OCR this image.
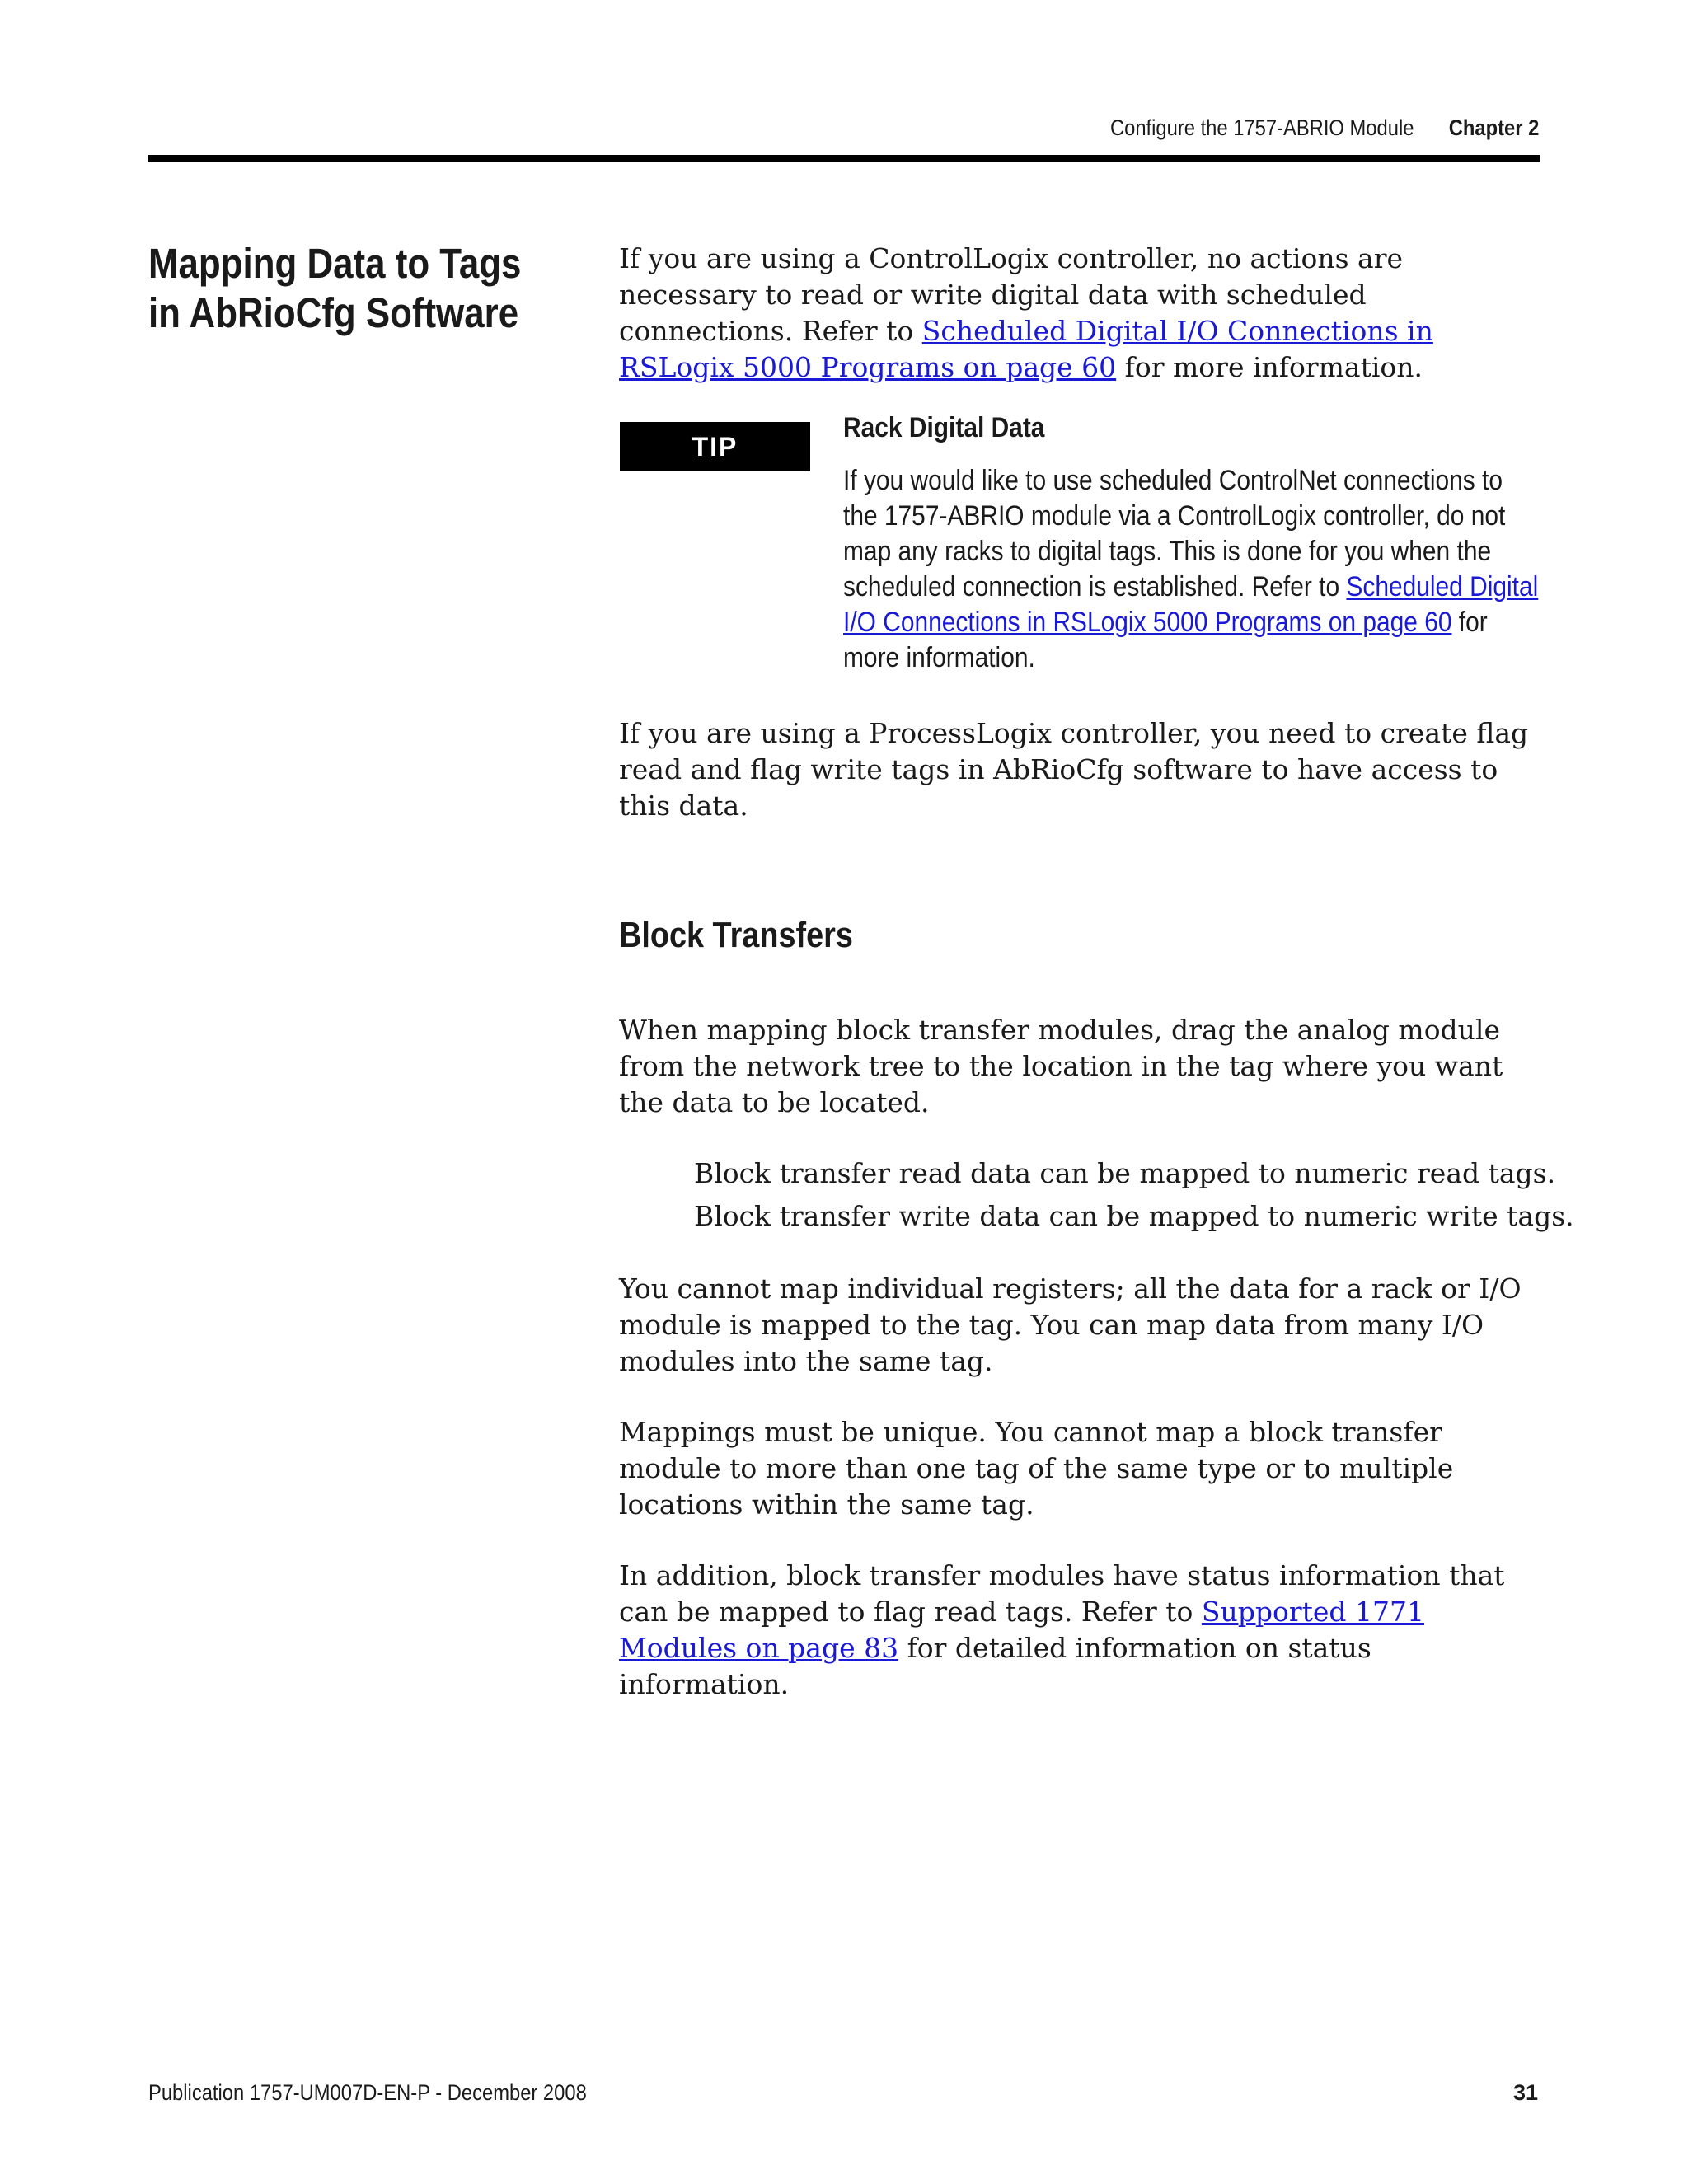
Configure the 1757-ABRIO Module Chapter 2
Mapping Data to Tags in AbRioCfg Software

If you are using a ControlLogix controller, no actions are necessary to read or write digital data with scheduled connections. Refer to Scheduled Digital I/O Connections in RSLogix 5000 Programs on page 60 for more information.

TIP
Rack Digital Data

If you would like to use scheduled ControlNet connections to the 1757-ABRIO module via a ControlLogix controller, do not map any racks to digital tags. This is done for you when the scheduled connection is established. Refer to Scheduled Digital I/O Connections in RSLogix 5000 Programs on page 60 for more information.

If you are using a ProcessLogix controller, you need to create flag read and flag write tags in AbRioCfg software to have access to this data.

Block Transfers

When mapping block transfer modules, drag the analog module from the network tree to the location in the tag where you want the data to be located.

Block transfer read data can be mapped to numeric read tags.

Block transfer write data can be mapped to numeric write tags.

You cannot map individual registers; all the data for a rack or I/O module is mapped to the tag. You can map data from many I/O modules into the same tag.

Mappings must be unique. You cannot map a block transfer module to more than one tag of the same type or to multiple locations within the same tag.

In addition, block transfer modules have status information that can be mapped to flag read tags. Refer to Supported 1771 Modules on page 83 for detailed information on status information.

Publication 1757-UM007D-EN-P - December 2008	31
